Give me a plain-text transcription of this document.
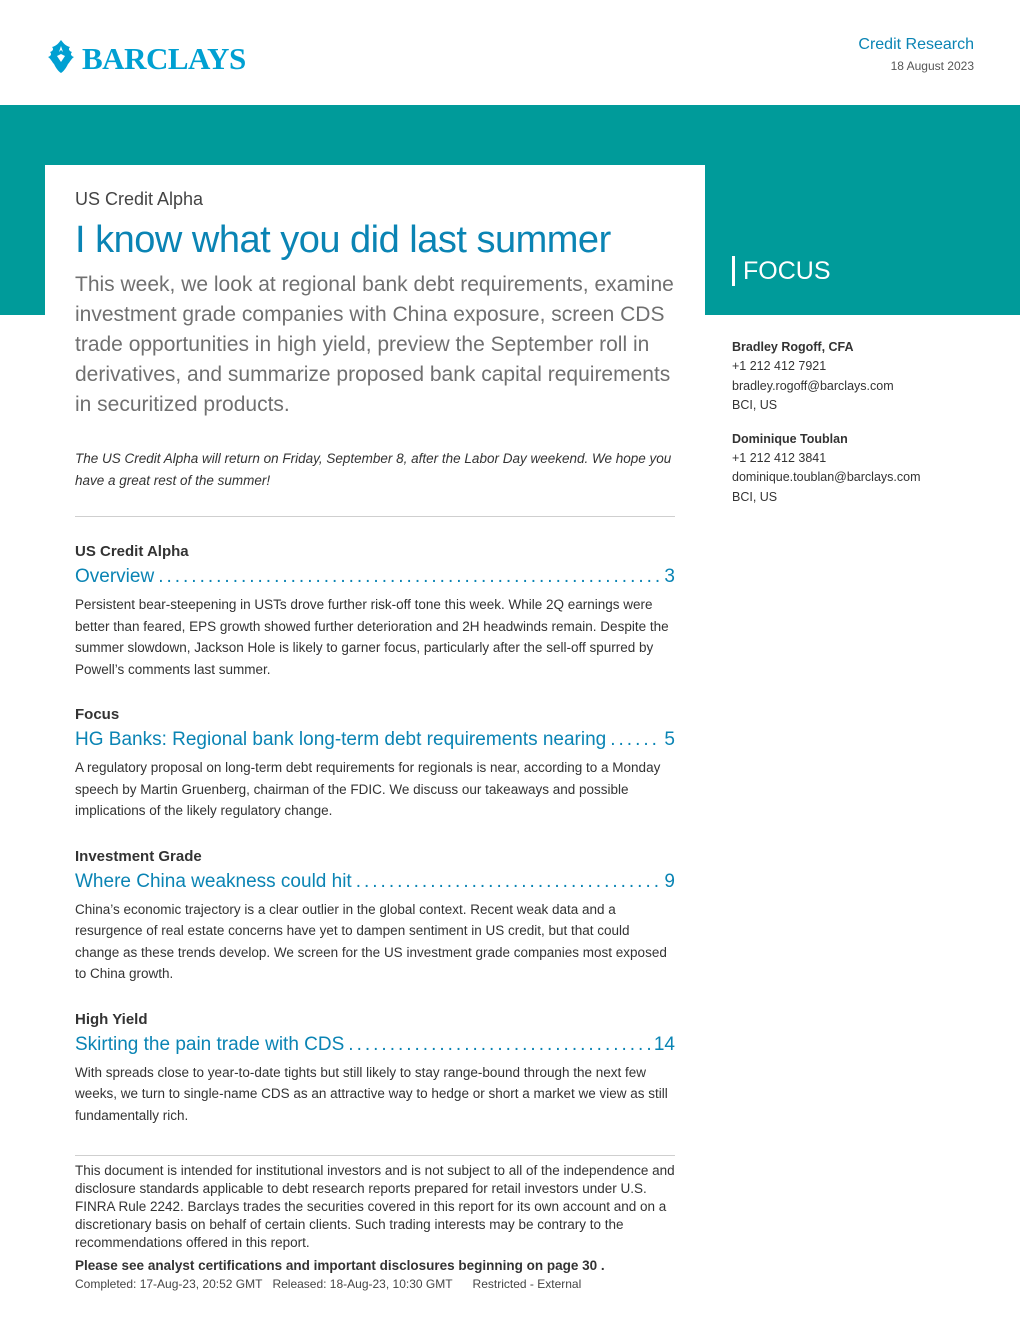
BARCLAYS	Credit Research
18 August 2023
FOCUS
US Credit Alpha
I know what you did last summer
This week, we look at regional bank debt requirements, examine investment grade companies with China exposure, screen CDS trade opportunities in high yield, preview the September roll in derivatives, and summarize proposed bank capital requirements in securitized products.
The US Credit Alpha will return on Friday, September 8, after the Labor Day weekend. We hope you have a great rest of the summer!
US Credit Alpha
Overview .....	3
Persistent bear-steepening in USTs drove further risk-off tone this week. While 2Q earnings were better than feared, EPS growth showed further deterioration and 2H headwinds remain. Despite the summer slowdown, Jackson Hole is likely to garner focus, particularly after the sell-off spurred by Powell’s comments last summer.
Focus
HG Banks: Regional bank long-term debt requirements nearing .....	5
A regulatory proposal on long-term debt requirements for regionals is near, according to a Monday speech by Martin Gruenberg, chairman of the FDIC. We discuss our takeaways and possible implications of the likely regulatory change.
Investment Grade
Where China weakness could hit .....	9
China’s economic trajectory is a clear outlier in the global context. Recent weak data and a resurgence of real estate concerns have yet to dampen sentiment in US credit, but that could change as these trends develop. We screen for the US investment grade companies most exposed to China growth.
High Yield
Skirting the pain trade with CDS .....	14
With spreads close to year-to-date tights but still likely to stay range-bound through the next few weeks, we turn to single-name CDS as an attractive way to hedge or short a market we view as still fundamentally rich.
This document is intended for institutional investors and is not subject to all of the independence and disclosure standards applicable to debt research reports prepared for retail investors under U.S. FINRA Rule 2242. Barclays trades the securities covered in this report for its own account and on a discretionary basis on behalf of certain clients. Such trading interests may be contrary to the recommendations offered in this report.
Please see analyst certifications and important disclosures beginning on page 30 .
Completed: 17-Aug-23, 20:52 GMT Released: 18-Aug-23, 10:30 GMT Restricted - External
Bradley Rogoff, CFA
+1 212 412 7921
bradley.rogoff@barclays.com
BCI, US
Dominique Toublan
+1 212 412 3841
dominique.toublan@barclays.com
BCI, US
